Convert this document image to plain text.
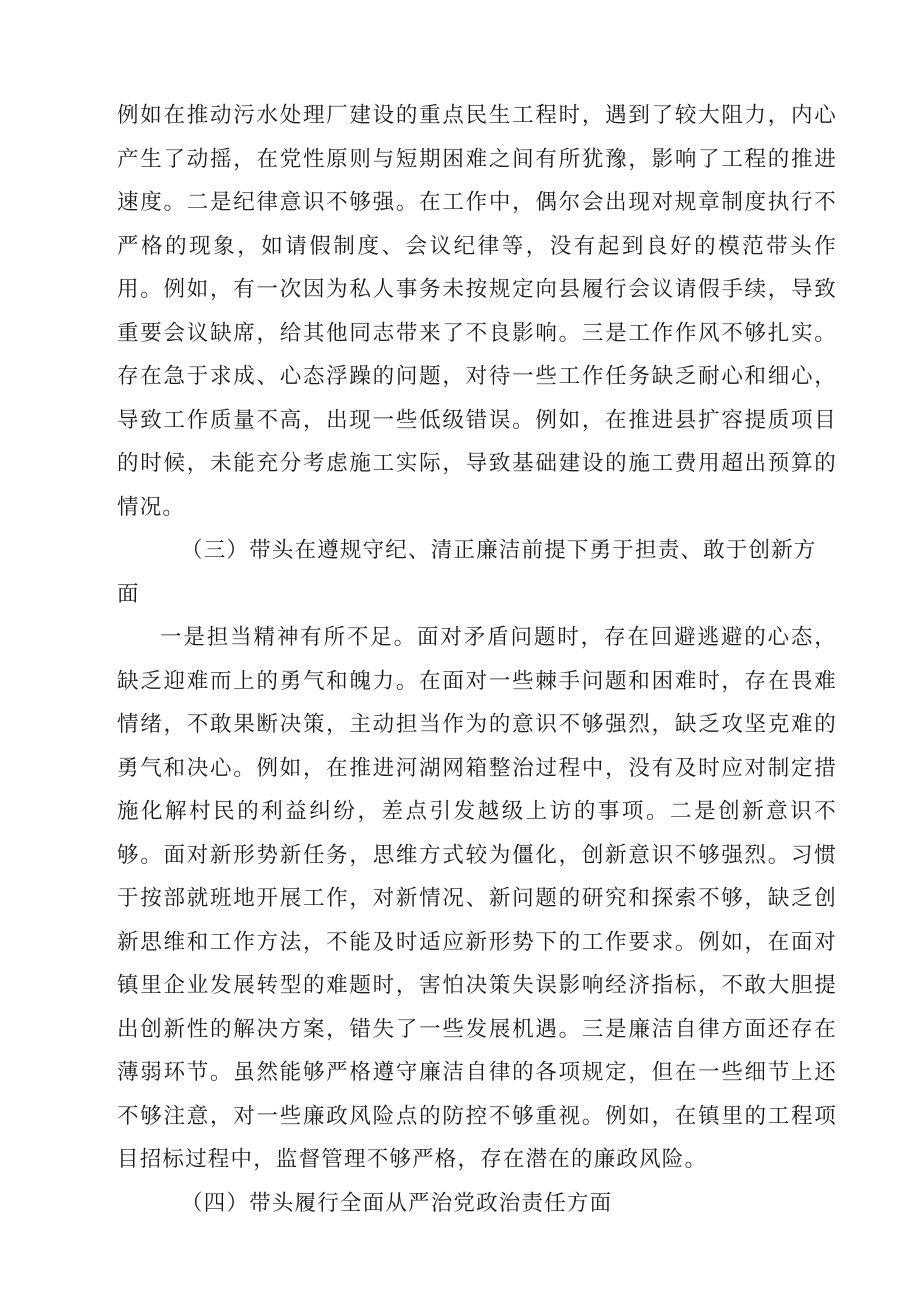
例如在推动污水处理厂建设的重点民生工程时，遇到了较大阻力，内心产生了动摇，在党性原则与短期困难之间有所犹豫，影响了工程的推进速度。二是纪律意识不够强。在工作中，偶尔会出现对规章制度执行不严格的现象，如请假制度、会议纪律等，没有起到良好的模范带头作用。例如，有一次因为私人事务未按规定向县履行会议请假手续，导致重要会议缺席，给其他同志带来了不良影响。三是工作作风不够扎实。存在急于求成、心态浮躁的问题，对待一些工作任务缺乏耐心和细心，导致工作质量不高，出现一些低级错误。例如，在推进县扩容提质项目的时候，未能充分考虑施工实际，导致基础建设的施工费用超出预算的情况。

（三）带头在遵规守纪、清正廉洁前提下勇于担责、敢于创新方面

一是担当精神有所不足。面对矛盾问题时，存在回避逃避的心态，缺乏迎难而上的勇气和魄力。在面对一些棘手问题和困难时，存在畏难情绪，不敢果断决策，主动担当作为的意识不够强烈，缺乏攻坚克难的勇气和决心。例如，在推进河湖网箱整治过程中，没有及时应对制定措施化解村民的利益纠纷，差点引发越级上访的事项。二是创新意识不够。面对新形势新任务，思维方式较为僵化，创新意识不够强烈。习惯于按部就班地开展工作，对新情况、新问题的研究和探索不够，缺乏创新思维和工作方法，不能及时适应新形势下的工作要求。例如，在面对镇里企业发展转型的难题时，害怕决策失误影响经济指标，不敢大胆提出创新性的解决方案，错失了一些发展机遇。三是廉洁自律方面还存在薄弱环节。虽然能够严格遵守廉洁自律的各项规定，但在一些细节上还不够注意，对一些廉政风险点的防控不够重视。例如，在镇里的工程项目招标过程中，监督管理不够严格，存在潜在的廉政风险。

（四）带头履行全面从严治党政治责任方面
